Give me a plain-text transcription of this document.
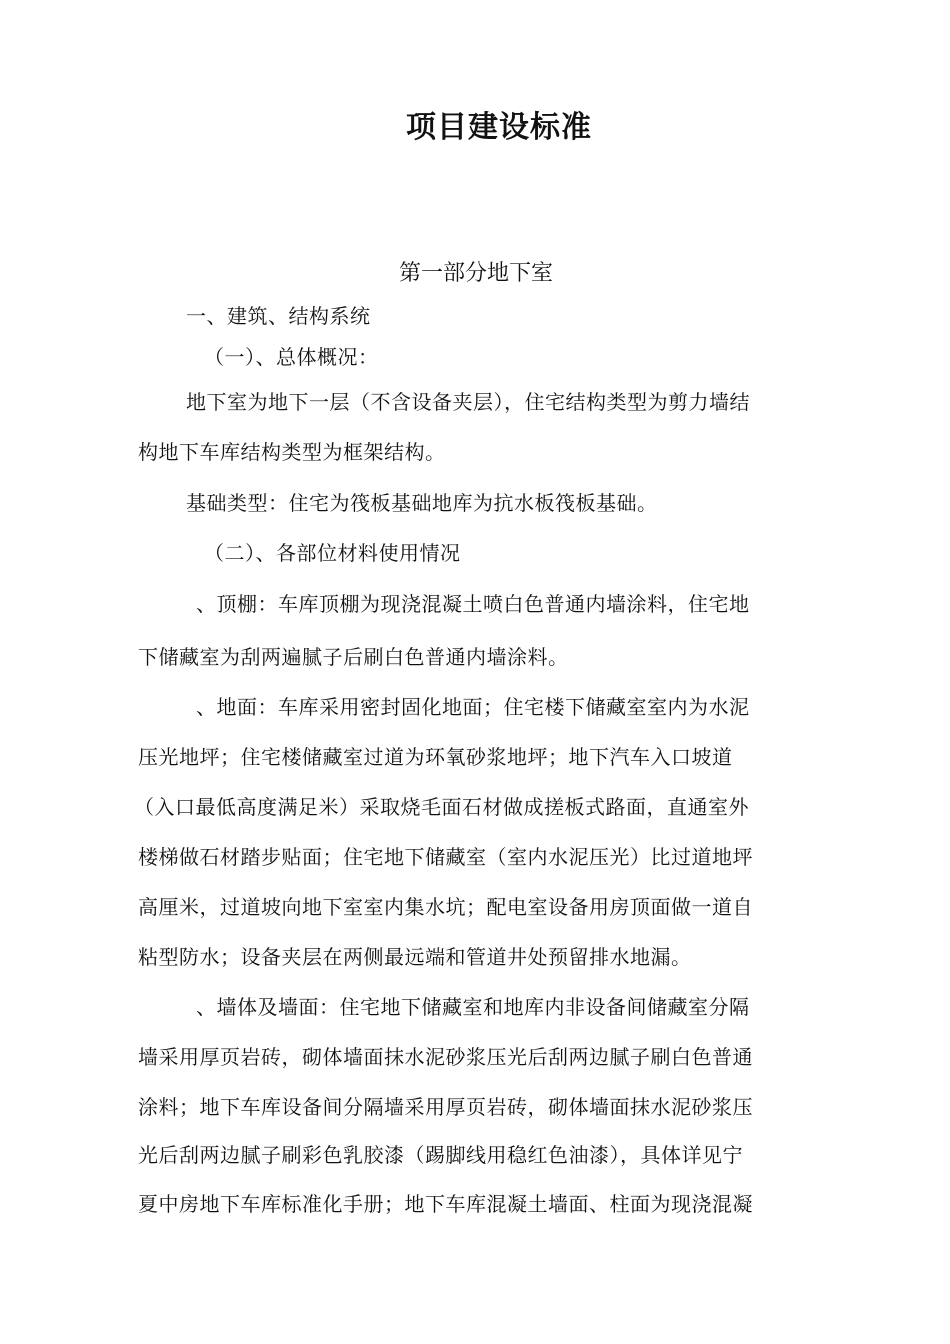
项目建设标准
第一部分地下室
一、建筑、结构系统
（一）、总体概况：
地下室为地下一层（不含设备夹层），住宅结构类型为剪力墙结
构地下车库结构类型为框架结构。
基础类型：住宅为筏板基础地库为抗水板筏板基础。
（二）、各部位材料使用情况
、顶棚：车库顶棚为现浇混凝土喷白色普通内墙涂料，住宅地
下储藏室为刮两遍腻子后刷白色普通内墙涂料。
、地面：车库采用密封固化地面；住宅楼下储藏室室内为水泥
压光地坪；住宅楼储藏室过道为环氧砂浆地坪；地下汽车入口坡道
（入口最低高度满足米）采取烧毛面石材做成搓板式路面，直通室外
楼梯做石材踏步贴面；住宅地下储藏室（室内水泥压光）比过道地坪
高厘米，过道坡向地下室室内集水坑；配电室设备用房顶面做一道自
粘型防水；设备夹层在两侧最远端和管道井处预留排水地漏。
、墙体及墙面：住宅地下储藏室和地库内非设备间储藏室分隔
墙采用厚页岩砖，砌体墙面抹水泥砂浆压光后刮两边腻子刷白色普通
涂料；地下车库设备间分隔墙采用厚页岩砖，砌体墙面抹水泥砂浆压
光后刮两边腻子刷彩色乳胶漆（踢脚线用稳红色油漆），具体详见宁
夏中房地下车库标准化手册；地下车库混凝土墙面、柱面为现浇混凝
